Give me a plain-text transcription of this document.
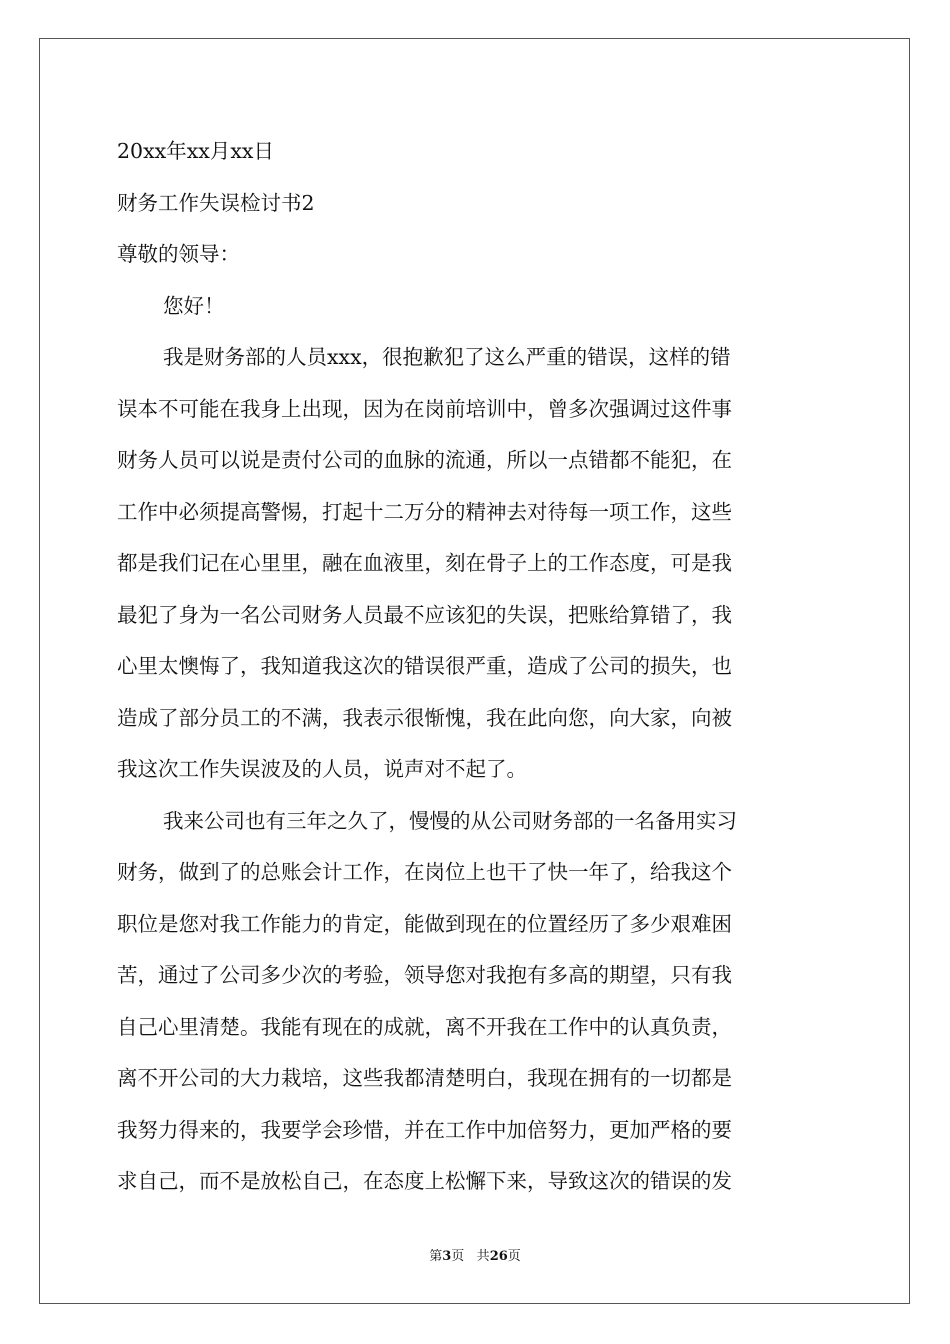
20xx年xx月xx日
财务工作失误检讨书2
尊敬的领导：
您好！
我是财务部的人员xxx，很抱歉犯了这么严重的错误，这样的错
误本不可能在我身上出现，因为在岗前培训中，曾多次强调过这件事
财务人员可以说是责付公司的血脉的流通，所以一点错都不能犯，在
工作中必须提高警惕，打起十二万分的精神去对待每一项工作，这些
都是我们记在心里里，融在血液里，刻在骨子上的工作态度，可是我
最犯了身为一名公司财务人员最不应该犯的失误，把账给算错了，我
心里太懊悔了，我知道我这次的错误很严重，造成了公司的损失，也
造成了部分员工的不满，我表示很惭愧，我在此向您，向大家，向被
我这次工作失误波及的人员，说声对不起了。
我来公司也有三年之久了，慢慢的从公司财务部的一名备用实习
财务，做到了的总账会计工作，在岗位上也干了快一年了，给我这个
职位是您对我工作能力的肯定，能做到现在的位置经历了多少艰难困
苦，通过了公司多少次的考验，领导您对我抱有多高的期望，只有我
自己心里清楚。我能有现在的成就，离不开我在工作中的认真负责，
离不开公司的大力栽培，这些我都清楚明白，我现在拥有的一切都是
我努力得来的，我要学会珍惜，并在工作中加倍努力，更加严格的要
求自己，而不是放松自己，在态度上松懈下来，导致这次的错误的发
第3页 共26页
